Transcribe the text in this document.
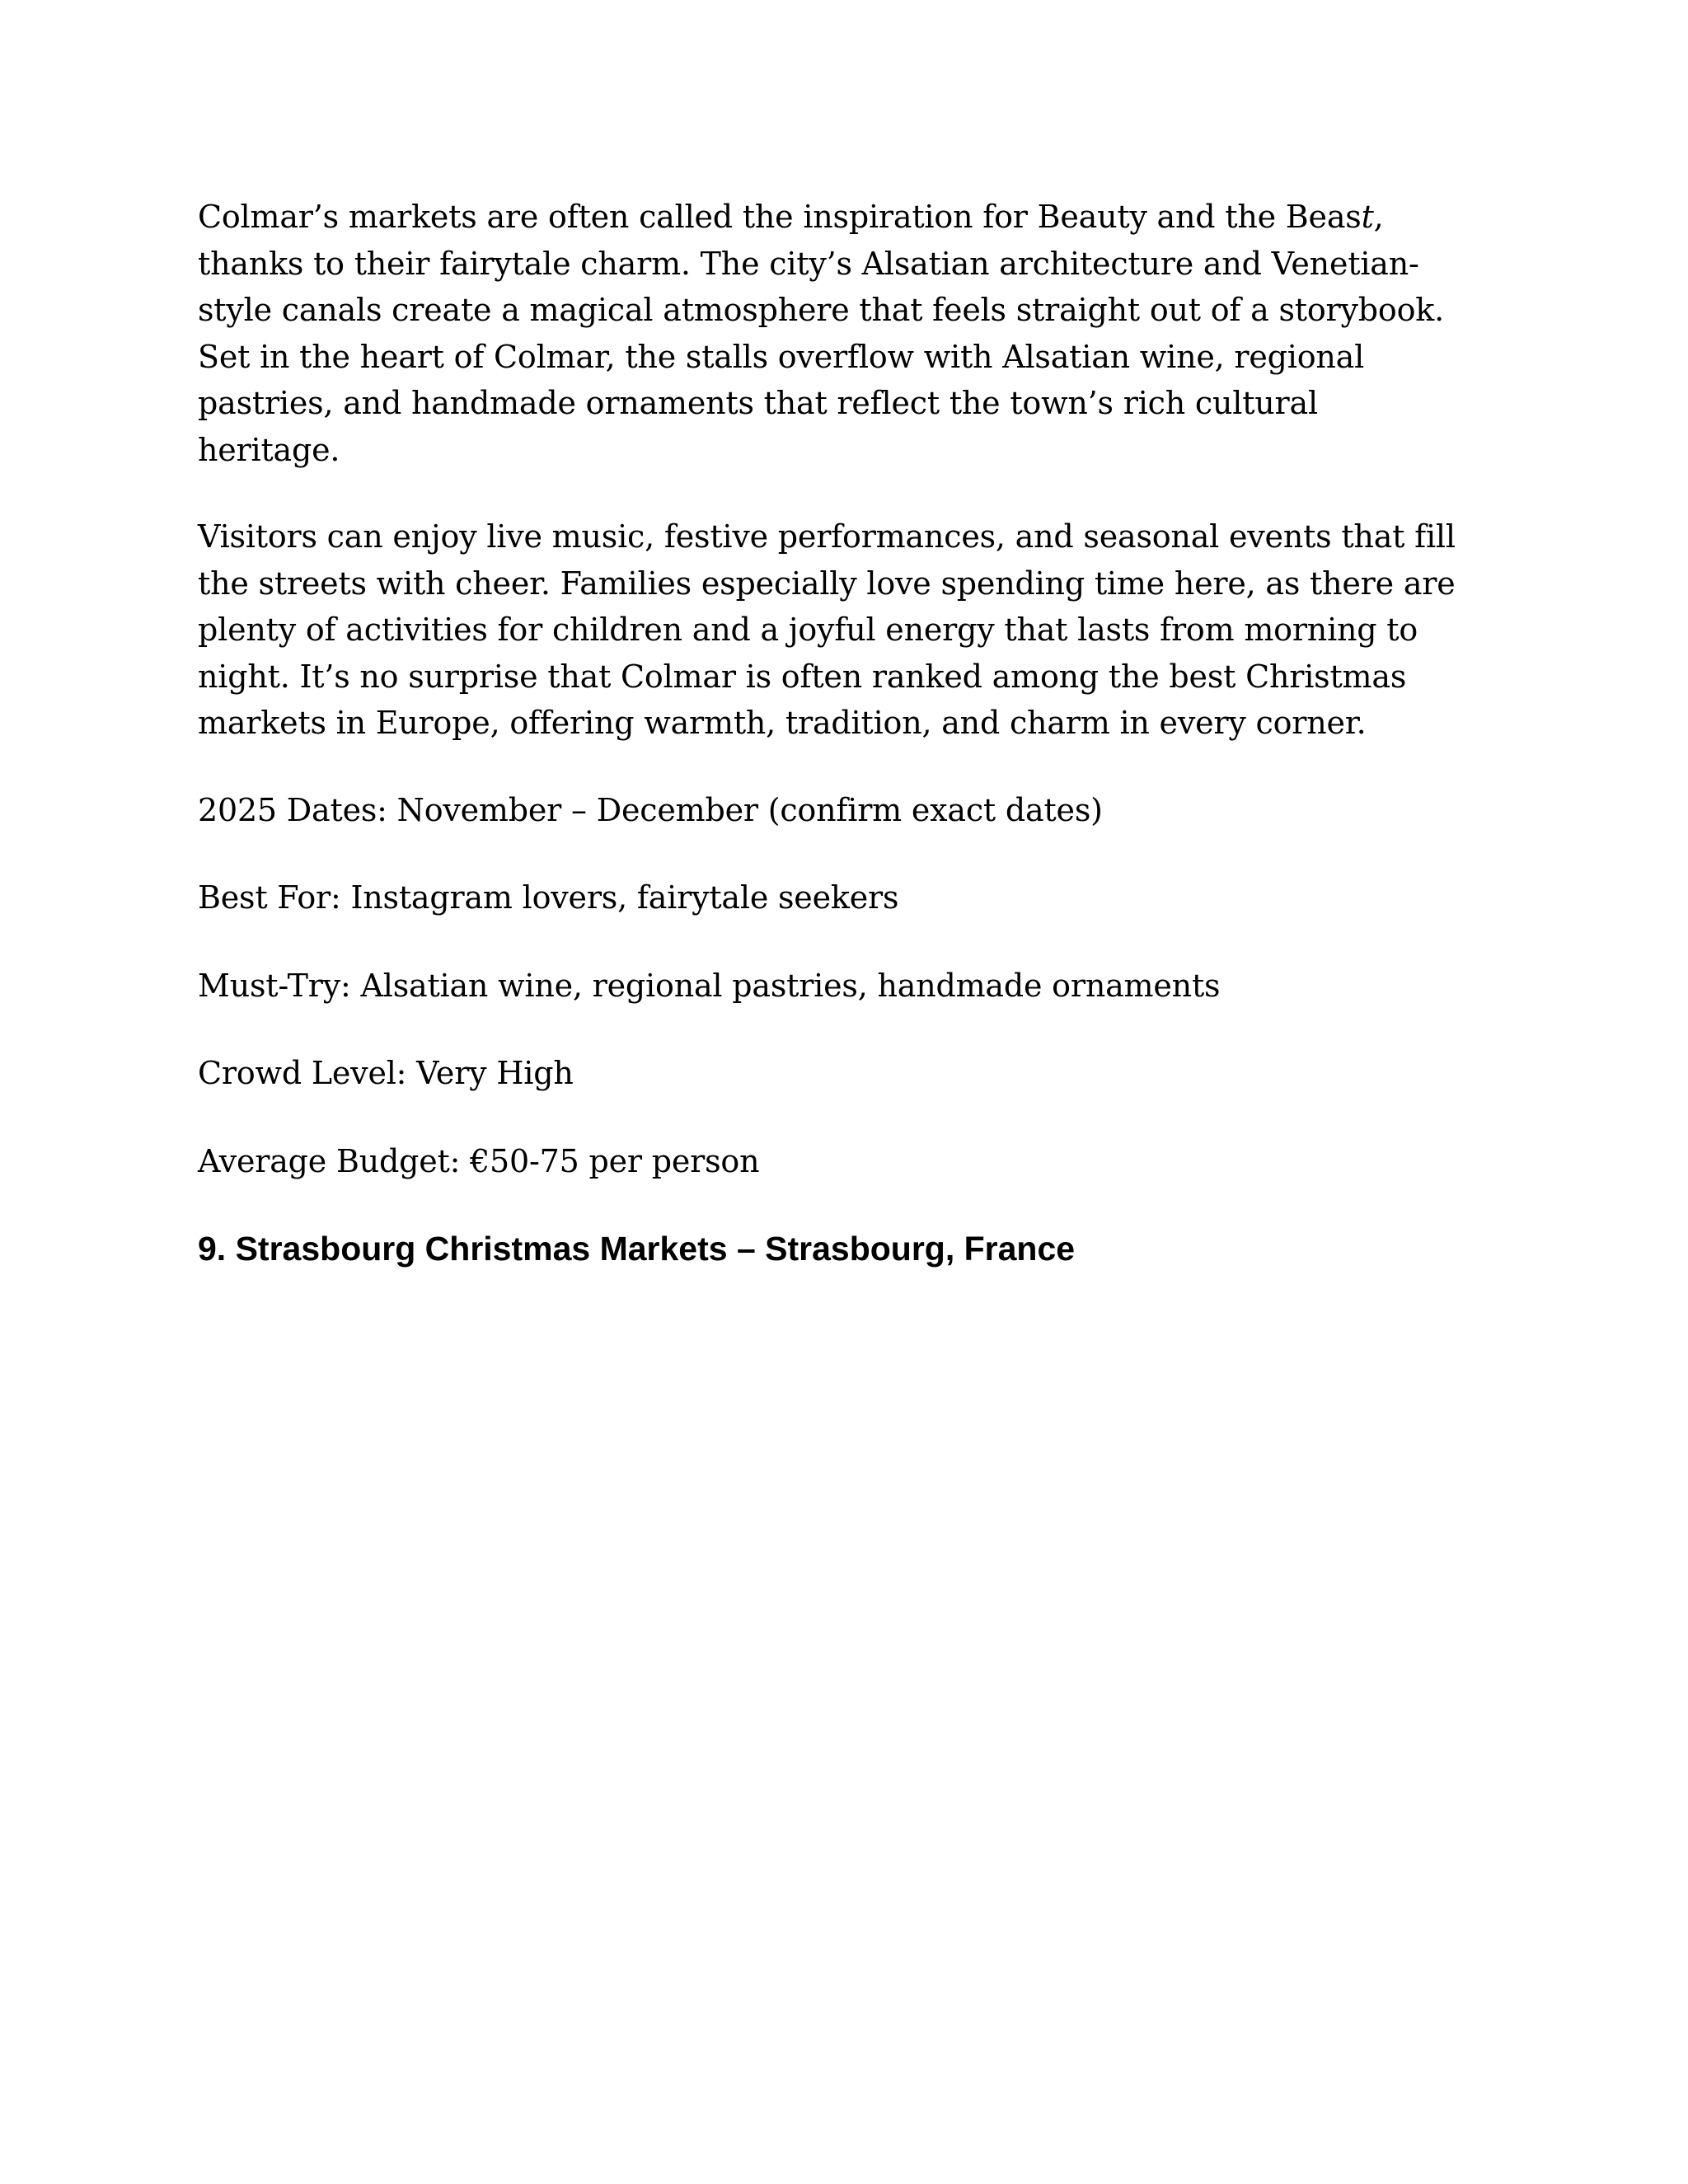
Colmar’s markets are often called the inspiration for Beauty and the Beast, thanks to their fairytale charm. The city’s Alsatian architecture and Venetian-style canals create a magical atmosphere that feels straight out of a storybook. Set in the heart of Colmar, the stalls overflow with Alsatian wine, regional pastries, and handmade ornaments that reflect the town’s rich cultural heritage.

Visitors can enjoy live music, festive performances, and seasonal events that fill the streets with cheer. Families especially love spending time here, as there are plenty of activities for children and a joyful energy that lasts from morning to night. It’s no surprise that Colmar is often ranked among the best Christmas markets in Europe, offering warmth, tradition, and charm in every corner.

2025 Dates: November – December (confirm exact dates)

Best For: Instagram lovers, fairytale seekers

Must-Try: Alsatian wine, regional pastries, handmade ornaments

Crowd Level: Very High

Average Budget: €50-75 per person

9. Strasbourg Christmas Markets – Strasbourg, France
